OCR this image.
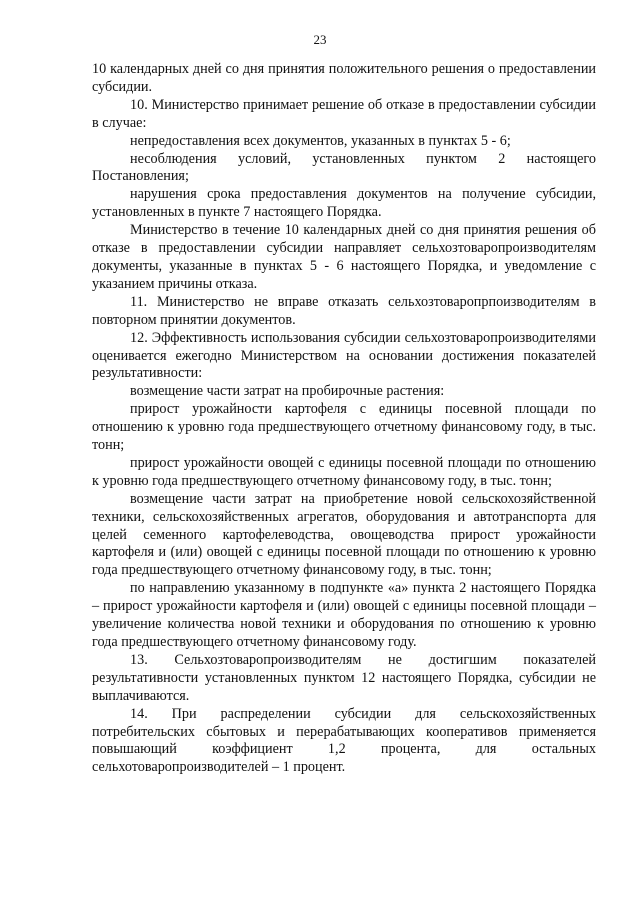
23

10 календарных дней со дня принятия положительного решения о предоставлении субсидии.

10. Министерство принимает решение об отказе в предоставлении субсидии в случае:

непредоставления всех документов, указанных в пунктах 5 - 6;

несоблюдения условий, установленных пунктом 2 настоящего Постановления;

нарушения срока предоставления документов на получение субсидии, установленных в пункте 7 настоящего Порядка.

Министерство в течение 10 календарных дней со дня принятия решения об отказе в предоставлении субсидии направляет сельхозтоваропроизводителям документы, указанные в пунктах 5 - 6 настоящего Порядка, и уведомление с указанием причины отказа.

11. Министерство не вправе отказать сельхозтоваропрпоизводителям в повторном принятии документов.

12. Эффективность использования субсидии сельхозтоваропроизводителями оценивается ежегодно Министерством на основании достижения показателей результативности:

возмещение части затрат на пробирочные растения:

прирост урожайности картофеля с единицы посевной площади по отношению к уровню года предшествующего отчетному финансовому году, в тыс. тонн;

прирост урожайности овощей с единицы посевной площади по отношению к уровню года предшествующего отчетному финансовому году, в тыс. тонн;

возмещение части затрат на приобретение новой сельскохозяйственной техники, сельскохозяйственных агрегатов, оборудования и автотранспорта для целей семенного картофелеводства, овощеводства прирост урожайности картофеля и (или) овощей с единицы посевной площади по отношению к уровню года предшествующего отчетному финансовому году, в тыс. тонн;

по направлению указанному в подпункте «а» пункта 2 настоящего Порядка – прирост урожайности картофеля и (или) овощей с единицы посевной площади – увеличение количества новой техники и оборудования по отношению к уровню года предшествующего отчетному финансовому году.

13. Сельхозтоваропроизводителям не достигшим показателей результативности установленных пунктом 12 настоящего Порядка, субсидии не выплачиваются.

14. При распределении субсидии для сельскохозяйственных потребительских сбытовых и перерабатывающих кооперативов применяется повышающий коэффициент 1,2 процента, для остальных сельхотоваропроизводителей – 1 процент.
